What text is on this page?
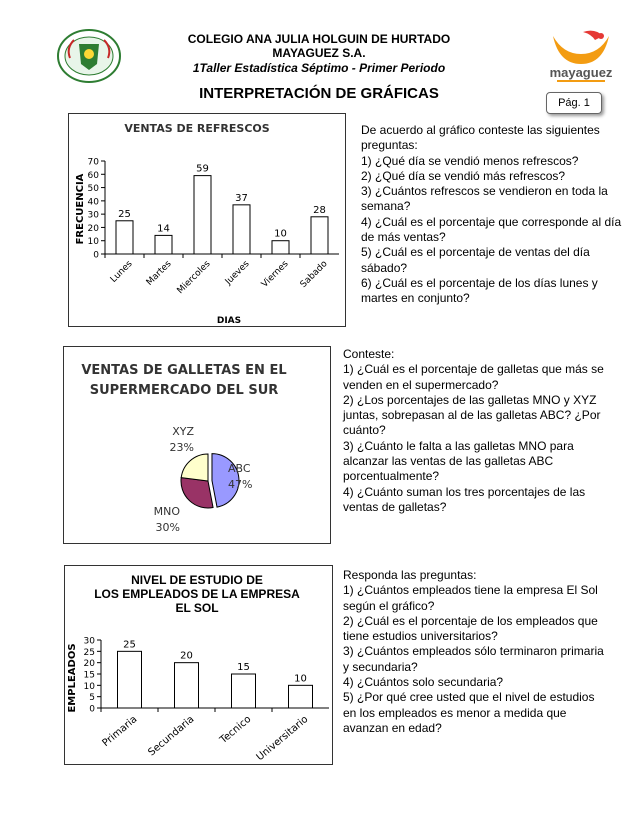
mayaguez
COLEGIO ANA JULIA HOLGUIN DE HURTADO
MAYAGUEZ S.A.
1Taller Estadística Séptimo - Primer Periodo
INTERPRETACIÓN DE GRÁFICAS
Pág. 1
VENTAS DE REFRESCOS
FRECUENCIA
DIAS
0
10
20
30
40
50
60
70
25
Lunes
14
Martes
59
Miercoles
37
Jueves
10
Viernes
28
Sabado
VENTAS DE GALLETAS EN EL SUPERMERCADO DEL SUR
ABC
47%
MNO
30%
XYZ
23%
NIVEL DE ESTUDIO DE LOS EMPLEADOS DE LA EMPRESA EL SOL
EMPLEADOS 0
5
10
15
20
25
30	25
Primaria
20
Secundaria
15
Tecnico
10
Universitario
De acuerdo al gráfico conteste las siguientes preguntas:
1) ¿Qué día se vendió menos refrescos?
2) ¿Qué día se vendió más refrescos?
3) ¿Cuántos refrescos se vendieron en toda la semana?
4) ¿Cuál es el porcentaje que corresponde al día de más ventas?
5) ¿Cuál es el porcentaje de ventas del día sábado?
6) ¿Cuál es el porcentaje de los días lunes y martes en conjunto?
Conteste:
1) ¿Cuál es el porcentaje de galletas que más se venden en el supermercado?
2) ¿Los porcentajes de las galletas MNO y XYZ juntas, sobrepasan al de las galletas ABC? ¿Por cuánto?
3) ¿Cuánto le falta a las galletas MNO para alcanzar las ventas de las galletas ABC porcentualmente?
4) ¿Cuánto suman los tres porcentajes de las ventas de galletas?
Responda las preguntas:
1) ¿Cuántos empleados tiene la empresa El Sol según el gráfico?
2) ¿Cuál es el porcentaje de los empleados que tiene estudios universitarios?
3) ¿Cuántos empleados sólo terminaron primaria y secundaria?
4) ¿Cuántos solo secundaria?
5) ¿Por qué cree usted que el nivel de estudios en los empleados es menor a medida que avanzan en edad?
